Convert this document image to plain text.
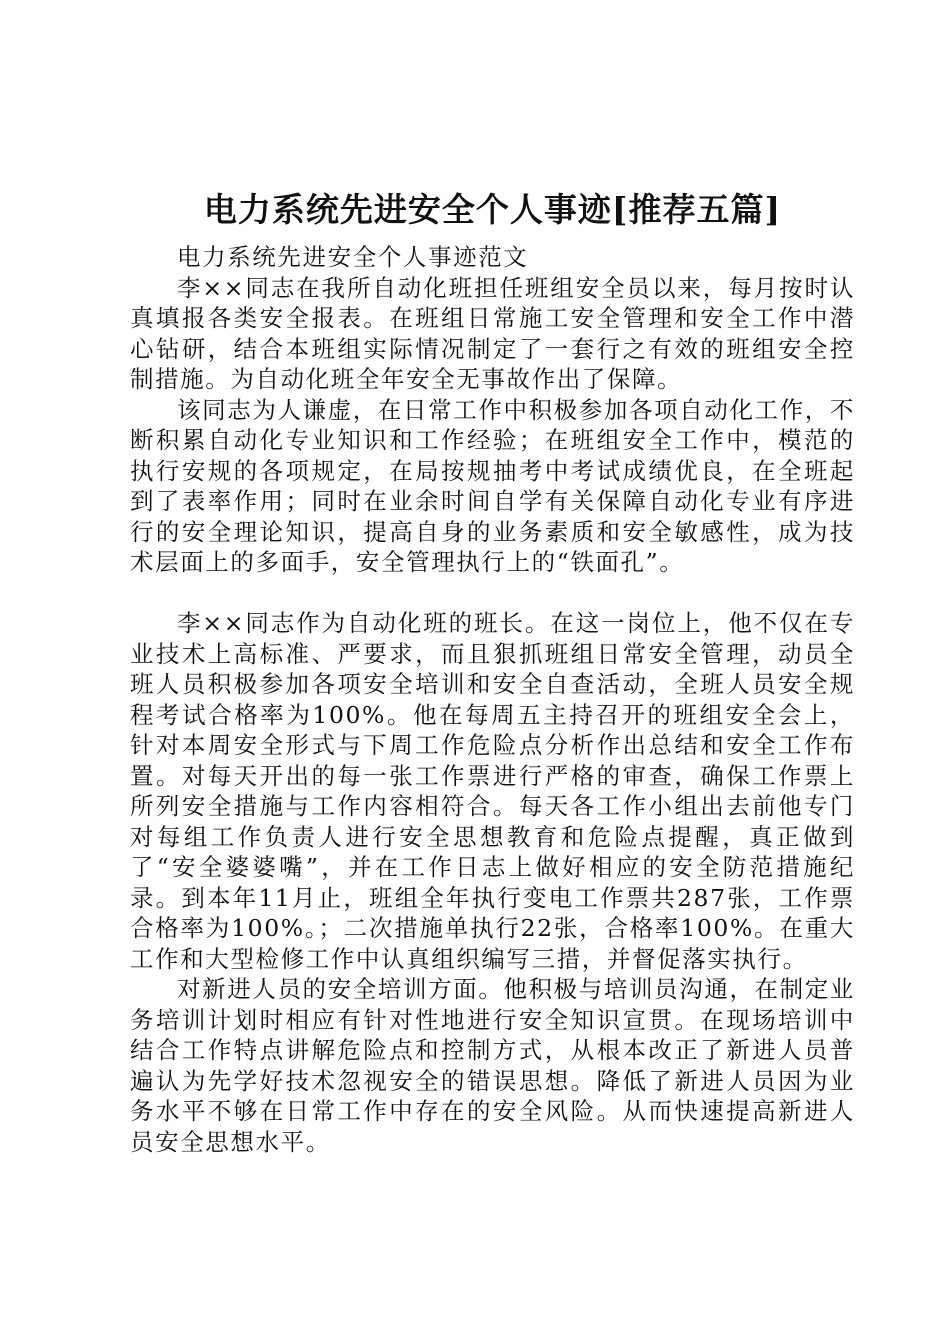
电力系统先进安全个人事迹[推荐五篇]

电力系统先进安全个人事迹范文

李××同志在我所自动化班担任班组安全员以来，每月按时认真填报各类安全报表。在班组日常施工安全管理和安全工作中潜心钻研，结合本班组实际情况制定了一套行之有效的班组安全控制措施。为自动化班全年安全无事故作出了保障。

该同志为人谦虚，在日常工作中积极参加各项自动化工作，不断积累自动化专业知识和工作经验；在班组安全工作中，模范的执行安规的各项规定，在局按规抽考中考试成绩优良，在全班起到了表率作用；同时在业余时间自学有关保障自动化专业有序进行的安全理论知识，提高自身的业务素质和安全敏感性，成为技术层面上的多面手，安全管理执行上的“铁面孔”。

李××同志作为自动化班的班长。在这一岗位上，他不仅在专业技术上高标准、严要求，而且狠抓班组日常安全管理，动员全班人员积极参加各项安全培训和安全自查活动，全班人员安全规程考试合格率为100%。他在每周五主持召开的班组安全会上，针对本周安全形式与下周工作危险点分析作出总结和安全工作布置。对每天开出的每一张工作票进行严格的审查，确保工作票上所列安全措施与工作内容相符合。每天各工作小组出去前他专门对每组工作负责人进行安全思想教育和危险点提醒，真正做到了“安全婆婆嘴”，并在工作日志上做好相应的安全防范措施纪录。到本年11月止，班组全年执行变电工作票共287张，工作票合格率为100%。；二次措施单执行22张，合格率100%。在重大工作和大型检修工作中认真组织编写三措，并督促落实执行。

对新进人员的安全培训方面。他积极与培训员沟通，在制定业务培训计划时相应有针对性地进行安全知识宣贯。在现场培训中结合工作特点讲解危险点和控制方式，从根本改正了新进人员普遍认为先学好技术忽视安全的错误思想。降低了新进人员因为业务水平不够在日常工作中存在的安全风险。从而快速提高新进人员安全思想水平。
